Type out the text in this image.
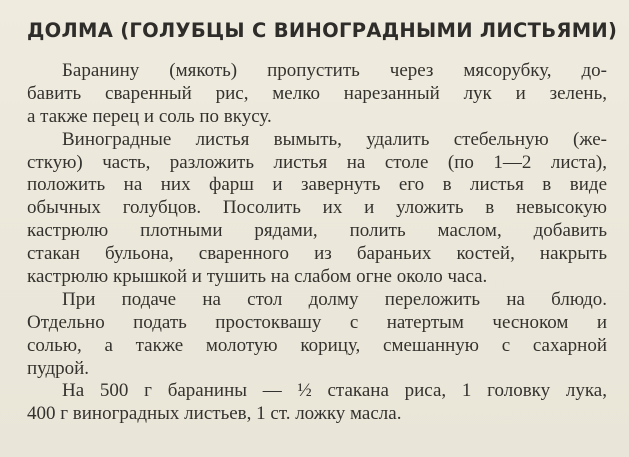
ДОЛМА (ГОЛУБЦЫ С ВИНОГРАДНЫМИ ЛИСТЬЯМИ)
Баранину (мякоть) пропустить через мясорубку, до-
бавить сваренный рис, мелко нарезанный лук и зелень,
а также перец и соль по вкусу.
Виноградные листья вымыть, удалить стебельную (же-
сткую) часть, разложить листья на столе (по 1—2 листа),
положить на них фарш и завернуть его в листья в виде
обычных голубцов. Посолить их и уложить в невысокую
кастрюлю плотными рядами, полить маслом, добавить
стакан бульона, сваренного из бараньих костей, накрыть
кастрюлю крышкой и тушить на слабом огне около часа.
При подаче на стол долму переложить на блюдо.
Отдельно подать простоквашу с натертым чесноком и
солью, а также молотую корицу, смешанную с сахарной
пудрой.
На 500 г баранины — ½ стакана риса, 1 головку лука,
400 г виноградных листьев, 1 ст. ложку масла.
